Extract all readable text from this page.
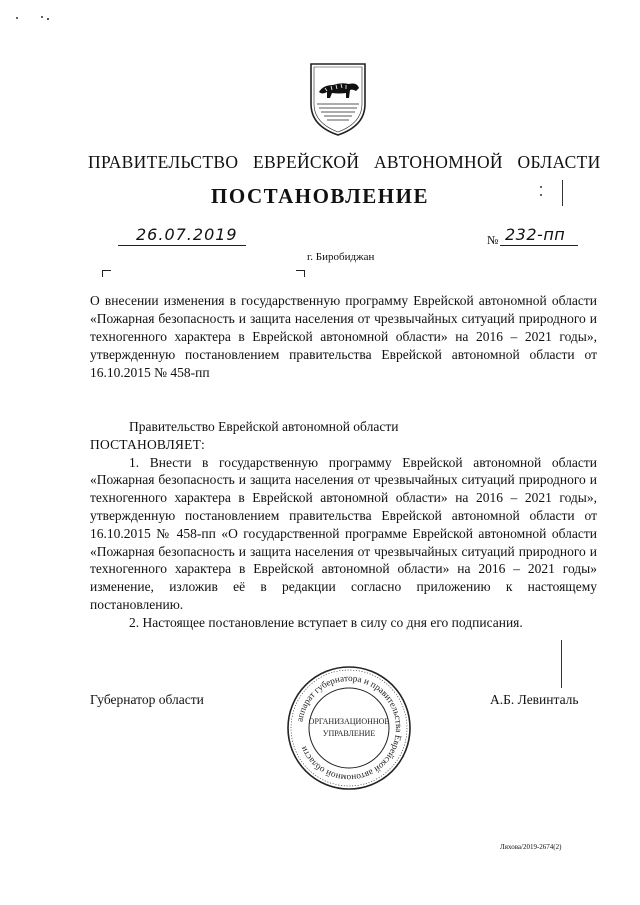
ПРАВИТЕЛЬСТВО ЕВРЕЙСКОЙ АВТОНОМНОЙ ОБЛАСТИ
ПОСТАНОВЛЕНИЕ
26.07.2019	№ 232-пп
г. Биробиджан
О внесении изменения в государственную программу Еврейской автономной области «Пожарная безопасность и защита населения от чрезвычайных ситуаций природного и техногенного характера в Еврейской автономной области» на 2016 – 2021 годы», утвержденную постановлением правительства Еврейской автономной области от 16.10.2015 № 458-пп
Правительство Еврейской автономной области
ПОСТАНОВЛЯЕТ:

1. Внести в государственную программу Еврейской автономной области «Пожарная безопасность и защита населения от чрезвычайных ситуаций природного и техногенного характера в Еврейской автономной области» на 2016 – 2021 годы», утвержденную постановлением правительства Еврейской автономной области от 16.10.2015 № 458-пп «О государственной программе Еврейской автономной области «Пожарная безопасность и защита населения от чрезвычайных ситуаций природного и техногенного характера в Еврейской автономной области» на 2016 – 2021 годы» изменение, изложив её в редакции согласно приложению к настоящему постановлению.

2. Настоящее постановление вступает в силу со дня его подписания.

Губернатор области	А.Б. Левинталь
аппарат губернатора и правительства Еврейской автономной области
ОРГАНИЗАЦИОННОЕ
УПРАВЛЕНИЕ
Ляхова/2019-2674(2)
